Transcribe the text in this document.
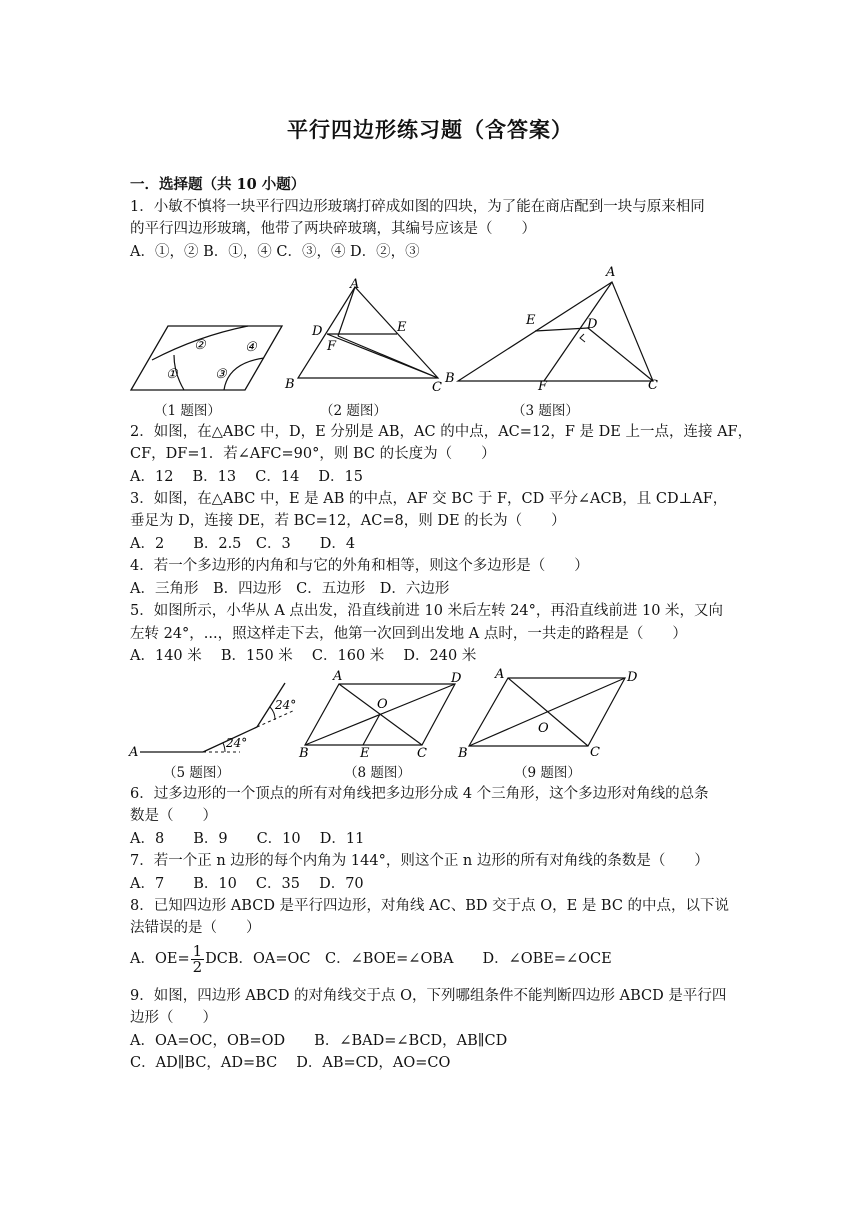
平行四边形练习题（含答案）
一．选择题（共 10 小题）
1．小敏不慎将一块平行四边形玻璃打碎成如图的四块，为了能在商店配到一块与原来相同
的平行四边形玻璃，他带了两块碎玻璃，其编号应该是（　　）
A．①，② B．①，④ C．③，④ D．②，③
①
②
③
④
A
B	C
D	E
F
A
B	C
D
E
F
（1 题图）	（2 题图）	（3 题图）
2．如图，在△ABC 中，D，E 分别是 AB，AC 的中点，AC=12，F 是 DE 上一点，连接 AF，
CF，DF=1．若∠AFC=90°，则 BC 的长度为（　　）
A．12　 B．13　 C．14　 D．15
3．如图，在△ABC 中，E 是 AB 的中点，AF 交 BC 于 F，CD 平分∠ACB，且 CD⊥AF，
垂足为 D，连接 DE，若 BC=12，AC=8，则 DE 的长为（　　）
A．2　　B．2.5　C．3　　D．4
4．若一个多边形的内角和与它的外角和相等，则这个多边形是（　　）
A．三角形　B．四边形　C．五边形　D．六边形
5．如图所示，小华从 A 点出发，沿直线前进 10 米后左转 24°，再沿直线前进 10 米，又向
左转 24°，...，照这样走下去，他第一次回到出发地 A 点时，一共走的路程是（　　）
A．140 米　 B．150 米　 C．160 米　 D．240 米
A
24°
24°
A
B	C
D
E
O
A
B	C
D
O
（5 题图）	（8 题图）	（9 题图）
6．过多边形的一个顶点的所有对角线把多边形分成 4 个三角形，这个多边形对角线的总条
数是（　　）
A．8　　B．9　　C．10　 D．11
7．若一个正 n 边形的每个内角为 144°，则这个正 n 边形的所有对角线的条数是（　　）
A．7　　B．10　 C．35　 D．70
8．已知四边形 ABCD 是平行四边形，对角线 AC、BD 交于点 O，E 是 BC 的中点，以下说
法错误的是（　　）
A．$OE= \frac{1}{2}$ DCB．OA=OC　C．∠BOE=∠OBA　　D．∠OBE=∠OCE
9．如图，四边形 ABCD 的对角线交于点 O，下列哪组条件不能判断四边形 ABCD 是平行四
边形（　　）
A．OA=OC，OB=OD　　B．∠BAD=∠BCD，AB∥CD
C．AD∥BC，AD=BC　 D．AB=CD，AO=CO
